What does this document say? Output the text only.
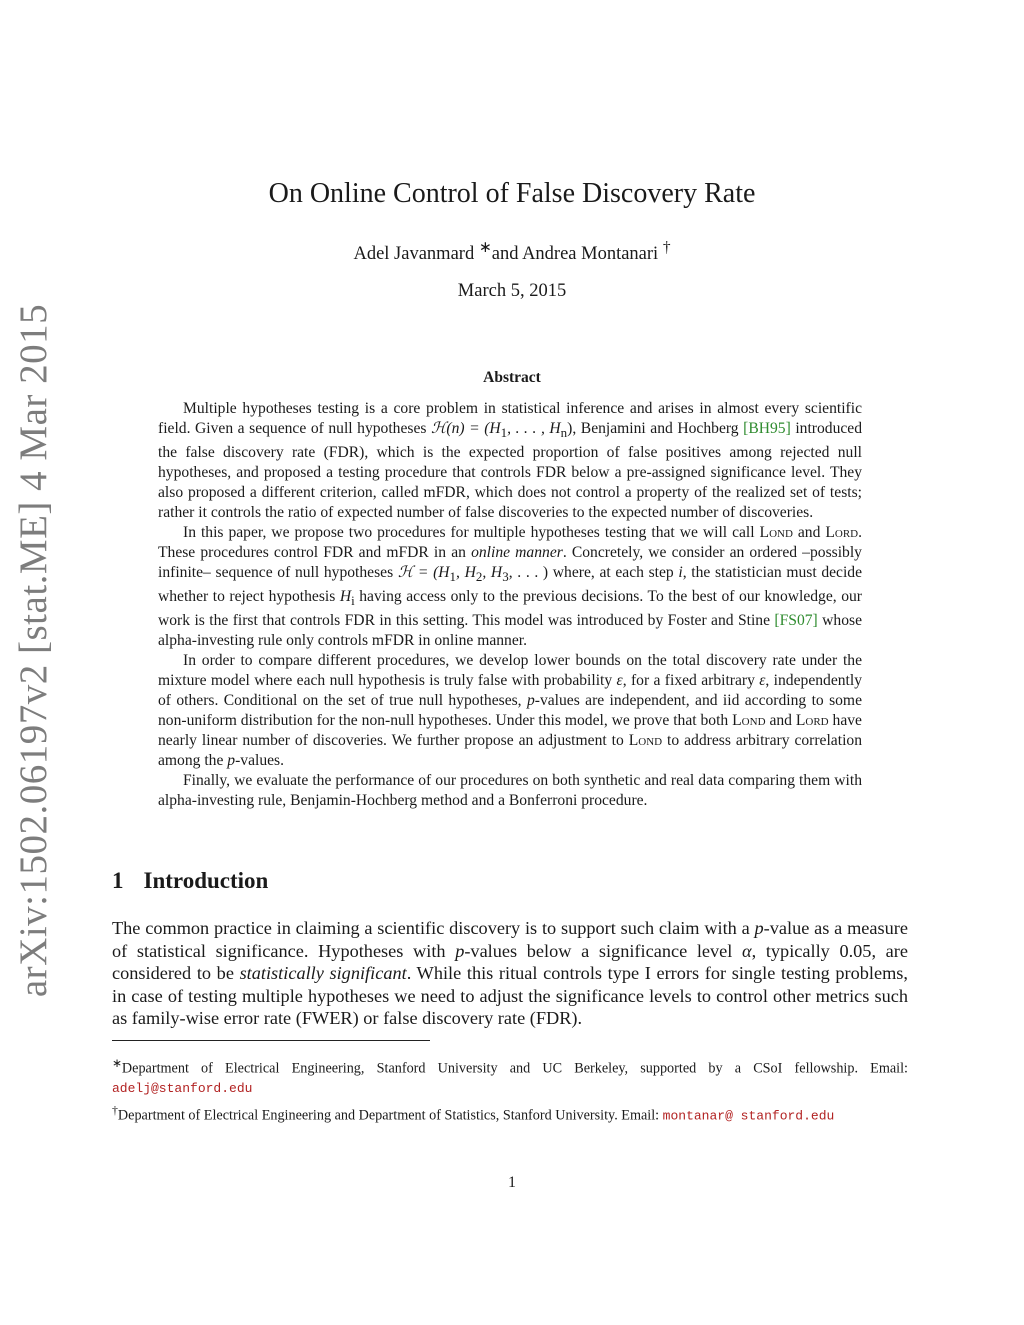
arXiv:1502.06197v2 [stat.ME] 4 Mar 2015
On Online Control of False Discovery Rate
Adel Javanmard ∗and Andrea Montanari †
March 5, 2015
Abstract

Multiple hypotheses testing is a core problem in statistical inference and arises in almost every scientific field. Given a sequence of null hypotheses ℋ(n) = ($H_1$, . . . , $H_n$), Benjamini and Hochberg [BH95] introduced the false discovery rate (FDR), which is the expected proportion of false positives among rejected null hypotheses, and proposed a testing procedure that controls FDR below a pre-assigned significance level. They also proposed a different criterion, called mFDR, which does not control a property of the realized set of tests; rather it controls the ratio of expected number of false discoveries to the expected number of discoveries.

In this paper, we propose two procedures for multiple hypotheses testing that we will call Lond and Lord. These procedures control FDR and mFDR in an online manner. Concretely, we consider an ordered –possibly infinite– sequence of null hypotheses ℋ = ($H_1$, $H_2$, $H_3$, . . . ) where, at each step i, the statistician must decide whether to reject hypothesis $H_i$ having access only to the previous decisions. To the best of our knowledge, our work is the first that controls FDR in this setting. This model was introduced by Foster and Stine [FS07] whose alpha-investing rule only controls mFDR in online manner.

In order to compare different procedures, we develop lower bounds on the total discovery rate under the mixture model where each null hypothesis is truly false with probability ε, for a fixed arbitrary ε, independently of others. Conditional on the set of true null hypotheses, p-values are independent, and iid according to some non-uniform distribution for the non-null hypotheses. Under this model, we prove that both Lond and Lord have nearly linear number of discoveries. We further propose an adjustment to Lond to address arbitrary correlation among the p-values.

Finally, we evaluate the performance of our procedures on both synthetic and real data comparing them with alpha-investing rule, Benjamin-Hochberg method and a Bonferroni procedure.

1 Introduction

The common practice in claiming a scientific discovery is to support such claim with a p-value as a measure of statistical significance. Hypotheses with p-values below a significance level α, typically 0.05, are considered to be statistically significant. While this ritual controls type I errors for single testing problems, in case of testing multiple hypotheses we need to adjust the significance levels to control other metrics such as family-wise error rate (FWER) or false discovery rate (FDR).

∗Department of Electrical Engineering, Stanford University and UC Berkeley, supported by a CSoI fellowship. Email: adelj@stanford.edu

†Department of Electrical Engineering and Department of Statistics, Stanford University. Email: montanar@ stanford.edu

1
